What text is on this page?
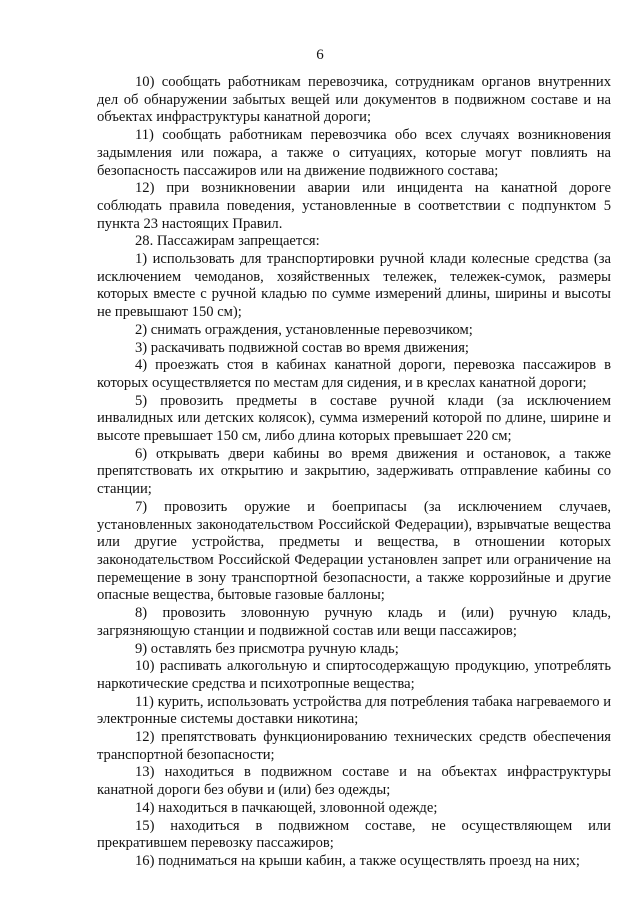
6

10) сообщать работникам перевозчика, сотрудникам органов внутренних дел об обнаружении забытых вещей или документов в подвижном составе и на объектах инфраструктуры канатной дороги;

11) сообщать работникам перевозчика обо всех случаях возникновения задымления или пожара, а также о ситуациях, которые могут повлиять на безопасность пассажиров или на движение подвижного состава;

12) при возникновении аварии или инцидента на канатной дороге соблюдать правила поведения, установленные в соответствии с подпунктом 5 пункта 23 настоящих Правил.

28. Пассажирам запрещается:

1) использовать для транспортировки ручной клади колесные средства (за исключением чемоданов, хозяйственных тележек, тележек-сумок, размеры которых вместе с ручной кладью по сумме измерений длины, ширины и высоты не превышают 150 см);

2) снимать ограждения, установленные перевозчиком;

3) раскачивать подвижной состав во время движения;

4) проезжать стоя в кабинах канатной дороги, перевозка пассажиров в которых осуществляется по местам для сидения, и в креслах канатной дороги;

5) провозить предметы в составе ручной клади (за исключением инвалидных или детских колясок), сумма измерений которой по длине, ширине и высоте превышает 150 см, либо длина которых превышает 220 см;

6) открывать двери кабины во время движения и остановок, а также препятствовать их открытию и закрытию, задерживать отправление кабины со станции;

7) провозить оружие и боеприпасы (за исключением случаев, установленных законодательством Российской Федерации), взрывчатые вещества или другие устройства, предметы и вещества, в отношении которых законодательством Российской Федерации установлен запрет или ограничение на перемещение в зону транспортной безопасности, а также коррозийные и другие опасные вещества, бытовые газовые баллоны;

8) провозить зловонную ручную кладь и (или) ручную кладь, загрязняющую станции и подвижной состав или вещи пассажиров;

9) оставлять без присмотра ручную кладь;

10) распивать алкогольную и спиртосодержащую продукцию, употреблять наркотические средства и психотропные вещества;

11) курить, использовать устройства для потребления табака нагреваемого и электронные системы доставки никотина;

12) препятствовать функционированию технических средств обеспечения транспортной безопасности;

13) находиться в подвижном составе и на объектах инфраструктуры канатной дороги без обуви и (или) без одежды;

14) находиться в пачкающей, зловонной одежде;

15) находиться в подвижном составе, не осуществляющем или прекратившем перевозку пассажиров;

16) подниматься на крыши кабин, а также осуществлять проезд на них;
